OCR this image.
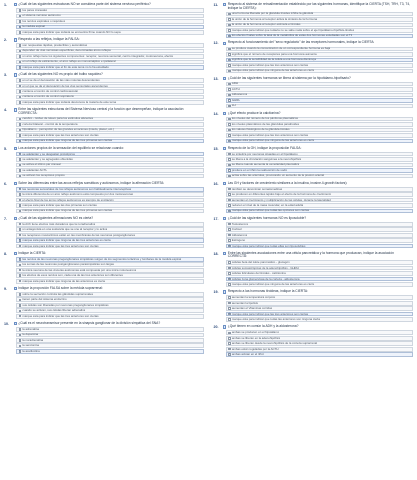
1.	¿Cuál de las siguientes estructuras NO se considera parte del sistema nervioso periférico?
los pares craneales
el sistema nervioso autónomo
los nervios espinales o raquídeos
✓ la médula espinal
marque ésta para indicar que todavía se encuentra firme cuando NO lo sepa
2.	Respecto a las reflejos, indique la FALSA:
son respuestas rápidas, predecibles y automáticas
dependen de vías nerviosas específicas, denominadas arcos reflejos
un arco reflejo tiene los siguientes componentes: receptor, neurona sensorial, centro integrador, motoneurona, efector
en el reflejo de estiramiento, el arco reflejo es monosináptico e ipsilateral
✓ marque ésta para indicar que el fin de este tema no lo ha estudiado
3.	¿Cuál de las siguientes NO es propio del bulbo raquídeo?
en el se da el decusación de las vías motoras descendentes
en el que se da el decusación de las vías sensoriales ascendentes
contiene el centro de control cardiovascular
contiene el centro de control respiratorio
marque ésta para indicar que todavía desconoce la materia de este tema
4.	Entre las siguientes estructuras del Sistema Nervioso central y la función que desempeñan, indique la asociación CORRECTA:
cerebro - núcleo de relevo para los estímulos aferentes
corteza bilateral - control de la temperatura
hipotálamo - percepción de las grandes emociones (miedo, placer, etc.)
marque ésta para indicar que las tres anteriores son ciertas
✓ marque ésta para indicar que ninguna de las tres primeras son ciertas
5.	Los axiones propios de la sensación del equilibrio se relacionan cuando:
✓ se adelantan y se desgastan prototípicos
se adelantan y se agregados obtenidas
se activa el último par craneal
se adelantan ACTH
se activan los receptores propios
6.	Sobre las diferencias entre las arcos reflejos somáticos y autónomos, indique la afirmación CIERTA:
✓ las neuronas sensoriales de los reflejos autónomos son habitualmente interoceptivas
la única diferencia de un arco reflejo autónomo está compuesto por dos motoneuronas
el efecto final de los arcos reflejos autónomos es siempre de excitación
marque ésta para indicar que las dos primeras son ciertas
marque ésta para indicar que ninguna de las tres primeras son ciertas
7.	¿Cuál de las siguientes afirmaciones NO es cierta?
la ACh tiene efectos más duraderos que la noradrenalina
un antagonista en una sustancia que se une al receptor y lo activa
los receptores muscarínicos están en las membranas de las neuronas postganglionares
✓ marque ésta para indicar que ninguna de las tres anteriores es cierta
marque ésta para indicar que las tres anteriores son ciertas
8.	Indique la CIERTA:
✓ las nervios de las neuronas preganglionares simpáticas surgen de los segmentos torácicos y lumbares de la médula espinal
los somas de las neuronas postganglionares parasimpáticas son largas
la única neurona de las vísceras autónomas está compuesta por una única motoneurona
los efectos de esos nervios son, cada una de las tres anteriores son diferentes
marque ésta para indicar que ninguna de las anteriores es cierta
9.	Indique la proporción FALSA sobre la médula suprarrenal:
sobre la secreción controla las glándulas suprarrenales
tienen parte del sistema endocrino
sus células son liberadas por neuronas preganglionares simpáticas
cuando se activan, sus células liberan adrenalina
marque ésta para indicar que las tres anteriores son ciertas
10.	¿Cuál es el neurotransmisor presente en la sinapsis ganglionar de la división simpática del SNA?
la adrenalina
la dopamina
la noradrenalina
la serotonina
✓ la acetilcolina
11.	Respecto al sistema de retroalimentación establecido por las siguientes hormonas, identifique la CIERTA (TSH, TRH, T3, T4, indique la CIERTA):
una hormona liberada por la glándula tiroides inhibe la glándula
la unión de la hormona al receptor activa la síntesis de la hormona
la unión de la hormona al receptor estimula el tiroides
marque ésta para indicar que todavía no se sabe nada sobre el eje hipotálamo-hipófisis-tiroides
✓ los efectos finales sobre la tasa de la metabólica de estas dos hormonas estudiadas son el T3
12.	Respecto al funcionamiento del "sexo regulatorio" de las receptores hormonales, indique la CIERTA:
se produce cuando la concentración de un correspondiente hormona es baja
significa que el número de receptores para una hormona aumenta
✓ significa que la sensibilidad de la célula a una hormona disminuye
marque ésta para indicar que las tres anteriores son ciertas
marque ésta para indicar que ninguna de las anteriores es cierta
13.	¿Cuál de las siguientes hormonas se libera al sistema por la hipotálamo-hipofisario?
ADH
ACTH
Aldosterona
✓ GHRH
LH
14.	¿Qué efecto produce la calcitonina?
los niveles del número de los pánfonos plasmáticos
los niveles plasmáticos de las glándulas paratiroides
los valores fisiológicos de la glándula tiroides
marque ésta para indicar que las tres anteriores son ciertas
✓ marque ésta para indicar que ninguna de las anteriores es cierta
15.	Respecto de la GH, indique la proposición FALSA:
se sintetiza por neuronas situadas en el hipotálamo
se libera a la circulación sanguínea a la neurohipófisis
se libera cuando aumenta la osmolaridad plasmática
✓ produce en el riñón la reabsorción de sodio
actúa sobre las arteriolas, provocando un aumento de la presión arterial
16.	Las GH y factores de crecimiento similares a la insulina, inosine-li-growth factors):
también se denominan somatomedinas
se producen en diferentes tejidos bajo el efecto de la hormona de crecimiento
aumentan el crecimiento y multiplicación de las células, durante la lateralidad
reducen el nivel de la masa muscular, en la edad adulta
✓ marque ésta para indicar que todas las opciones son ciertas
17.	¿Cuál de las siguientes hormonas NO es liposoluble?
Testosterona
Cortisol
Aldosterona
Estrógeno
✓ marque ésta para indicar que todas ellas son liposolubles
18.	Entre las siguientes asociaciones entre una célula pancreática y la hormona que produzcan, indique la asociación CORRECTA:
células beta del islote pancreático - glucagón
células somatotrópicas de la adenohipófisis - GHRH
células foliculares del tiroides - calcitonina
✓ células zona glomerulosa de la corteza - aldosterona
marque ésta para indicar que ninguna de las anteriores es cierta
19.	Respecto a las hormonas tiroideas, indique la CIERTA:
aumentan la temperatura corporal
aumentan la lipolisis
aumentan el Vitaminas corridas
✓ marque ésta para indicar que las tres anteriores son ciertas
marque ésta para indicar que todas las anteriores son ninguna cierta
20.	¿Qué tienen en común la ADH y la aldosterona?
ambas se producen en el hipotálamo
ambas se liberan en la adenohipófisis
ambas se liberan desde la neurohipófisis de la corteza suprarrenal
ambas están reguladas por la ACTH
✓ ambas actúan en el riñón
